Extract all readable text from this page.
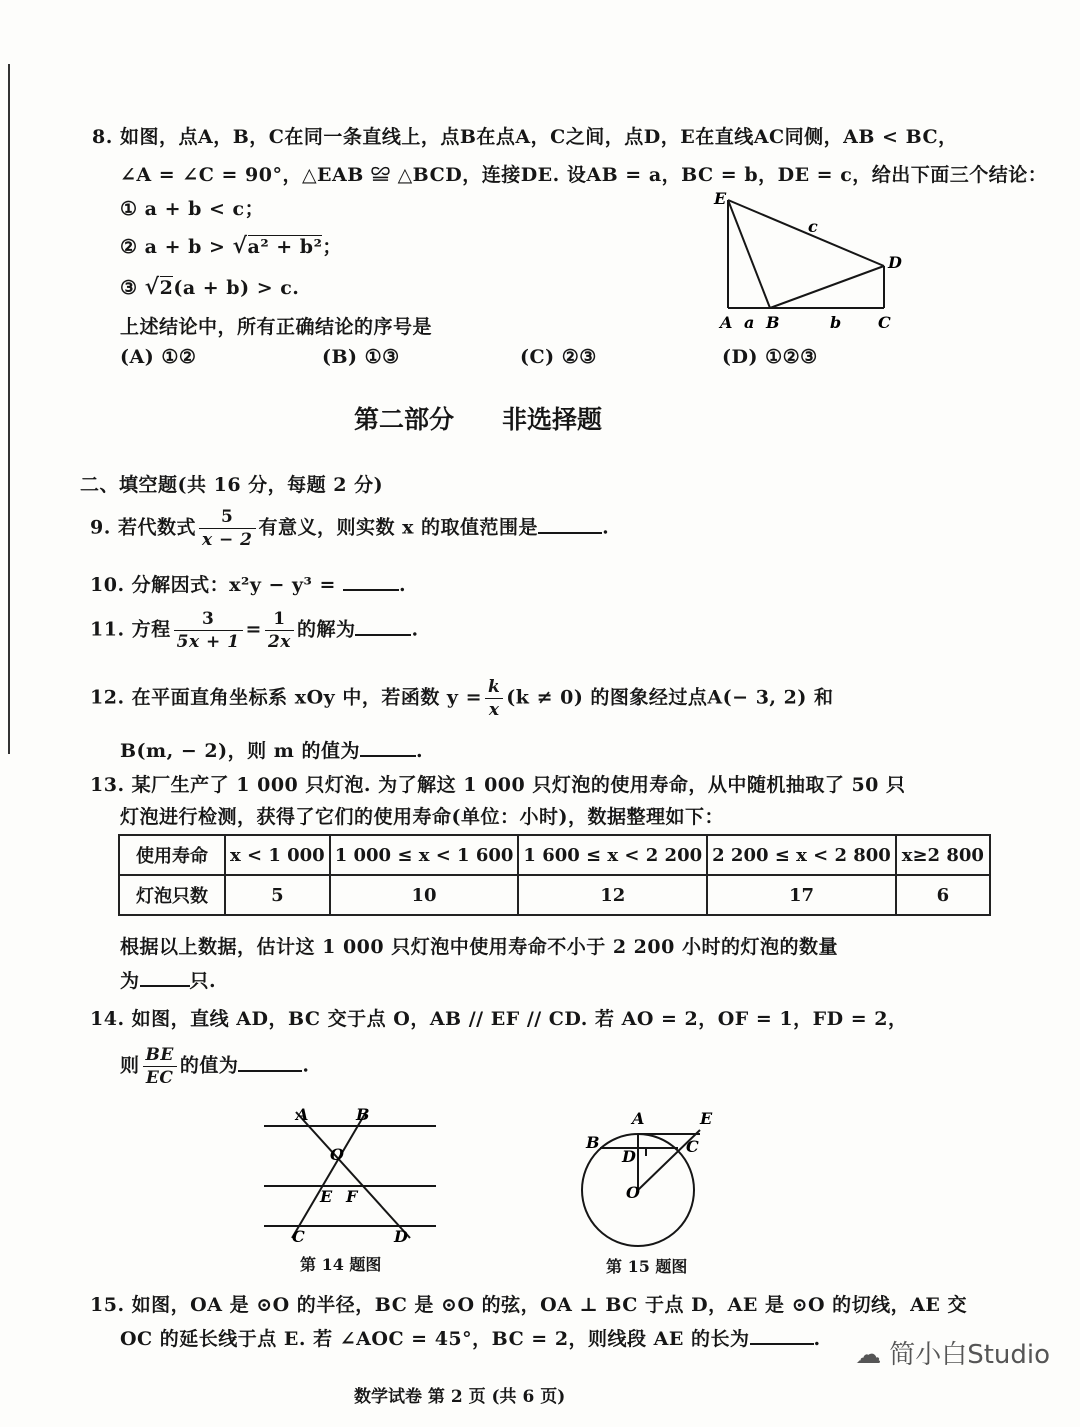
8. 如图，点A，B，C在同一条直线上，点B在点A，C之间，点D，E在直线AC同侧，AB < BC，
∠A = ∠C = 90°，△EAB ≌ △BCD，连接DE. 设AB = a，BC = b，DE = c，给出下面三个结论：
① a + b < c；
② a + b > √a² + b²；
③ √2(a + b) > c.
上述结论中，所有正确结论的序号是
(A) ①②	(B) ①③	(C) ②③	(D) ①②③
E
D
c
A a B	b C
第二部分 非选择题
二、填空题(共 16 分，每题 2 分)
9. 若代数式 $\frac{5}{x - 2}$ 有意义，则实数 x 的取值范围是	.
10. 分解因式：x²y − y³ =	.
11. 方程 $\frac{3}{5x + 1} = \frac{1}{2x}$ 的解为	.
12. 在平面直角坐标系 xOy 中，若函数 $y = \frac{k}{x} (k \ne 0)$ 的图象经过点A(− 3, 2) 和
B(m, − 2)，则 m 的值为	.
13. 某厂生产了 1 000 只灯泡. 为了解这 1 000 只灯泡的使用寿命，从中随机抽取了 50 只
灯泡进行检测，获得了它们的使用寿命(单位：小时)，数据整理如下：
使用寿命	x < 1 000	1 000 ≤ x < 1 600	1 600 ≤ x < 2 200	2 200 ≤ x < 2 800	x≥2 800
灯泡只数	5	10	12	17	6
根据以上数据，估计这 1 000 只灯泡中使用寿命不小于 2 200 小时的灯泡的数量
为	只.
14. 如图，直线 AD，BC 交于点 O，AB // EF // CD. 若 AO = 2，OF = 1，FD = 2，
则 $\frac{BE}{EC}$ 的值为	.
A	B
O
E F
C	D
第 14 题图
A	E
B	C
D
O
第 15 题图
15. 如图，OA 是 ⊙O 的半径，BC 是 ⊙O 的弦，OA ⊥ BC 于点 D，AE 是 ⊙O 的切线，AE 交
OC 的延长线于点 E. 若 ∠AOC = 45°，BC = 2，则线段 AE 的长为	.
数学试卷 第 2 页 (共 6 页)
☁ 简小白Studio
